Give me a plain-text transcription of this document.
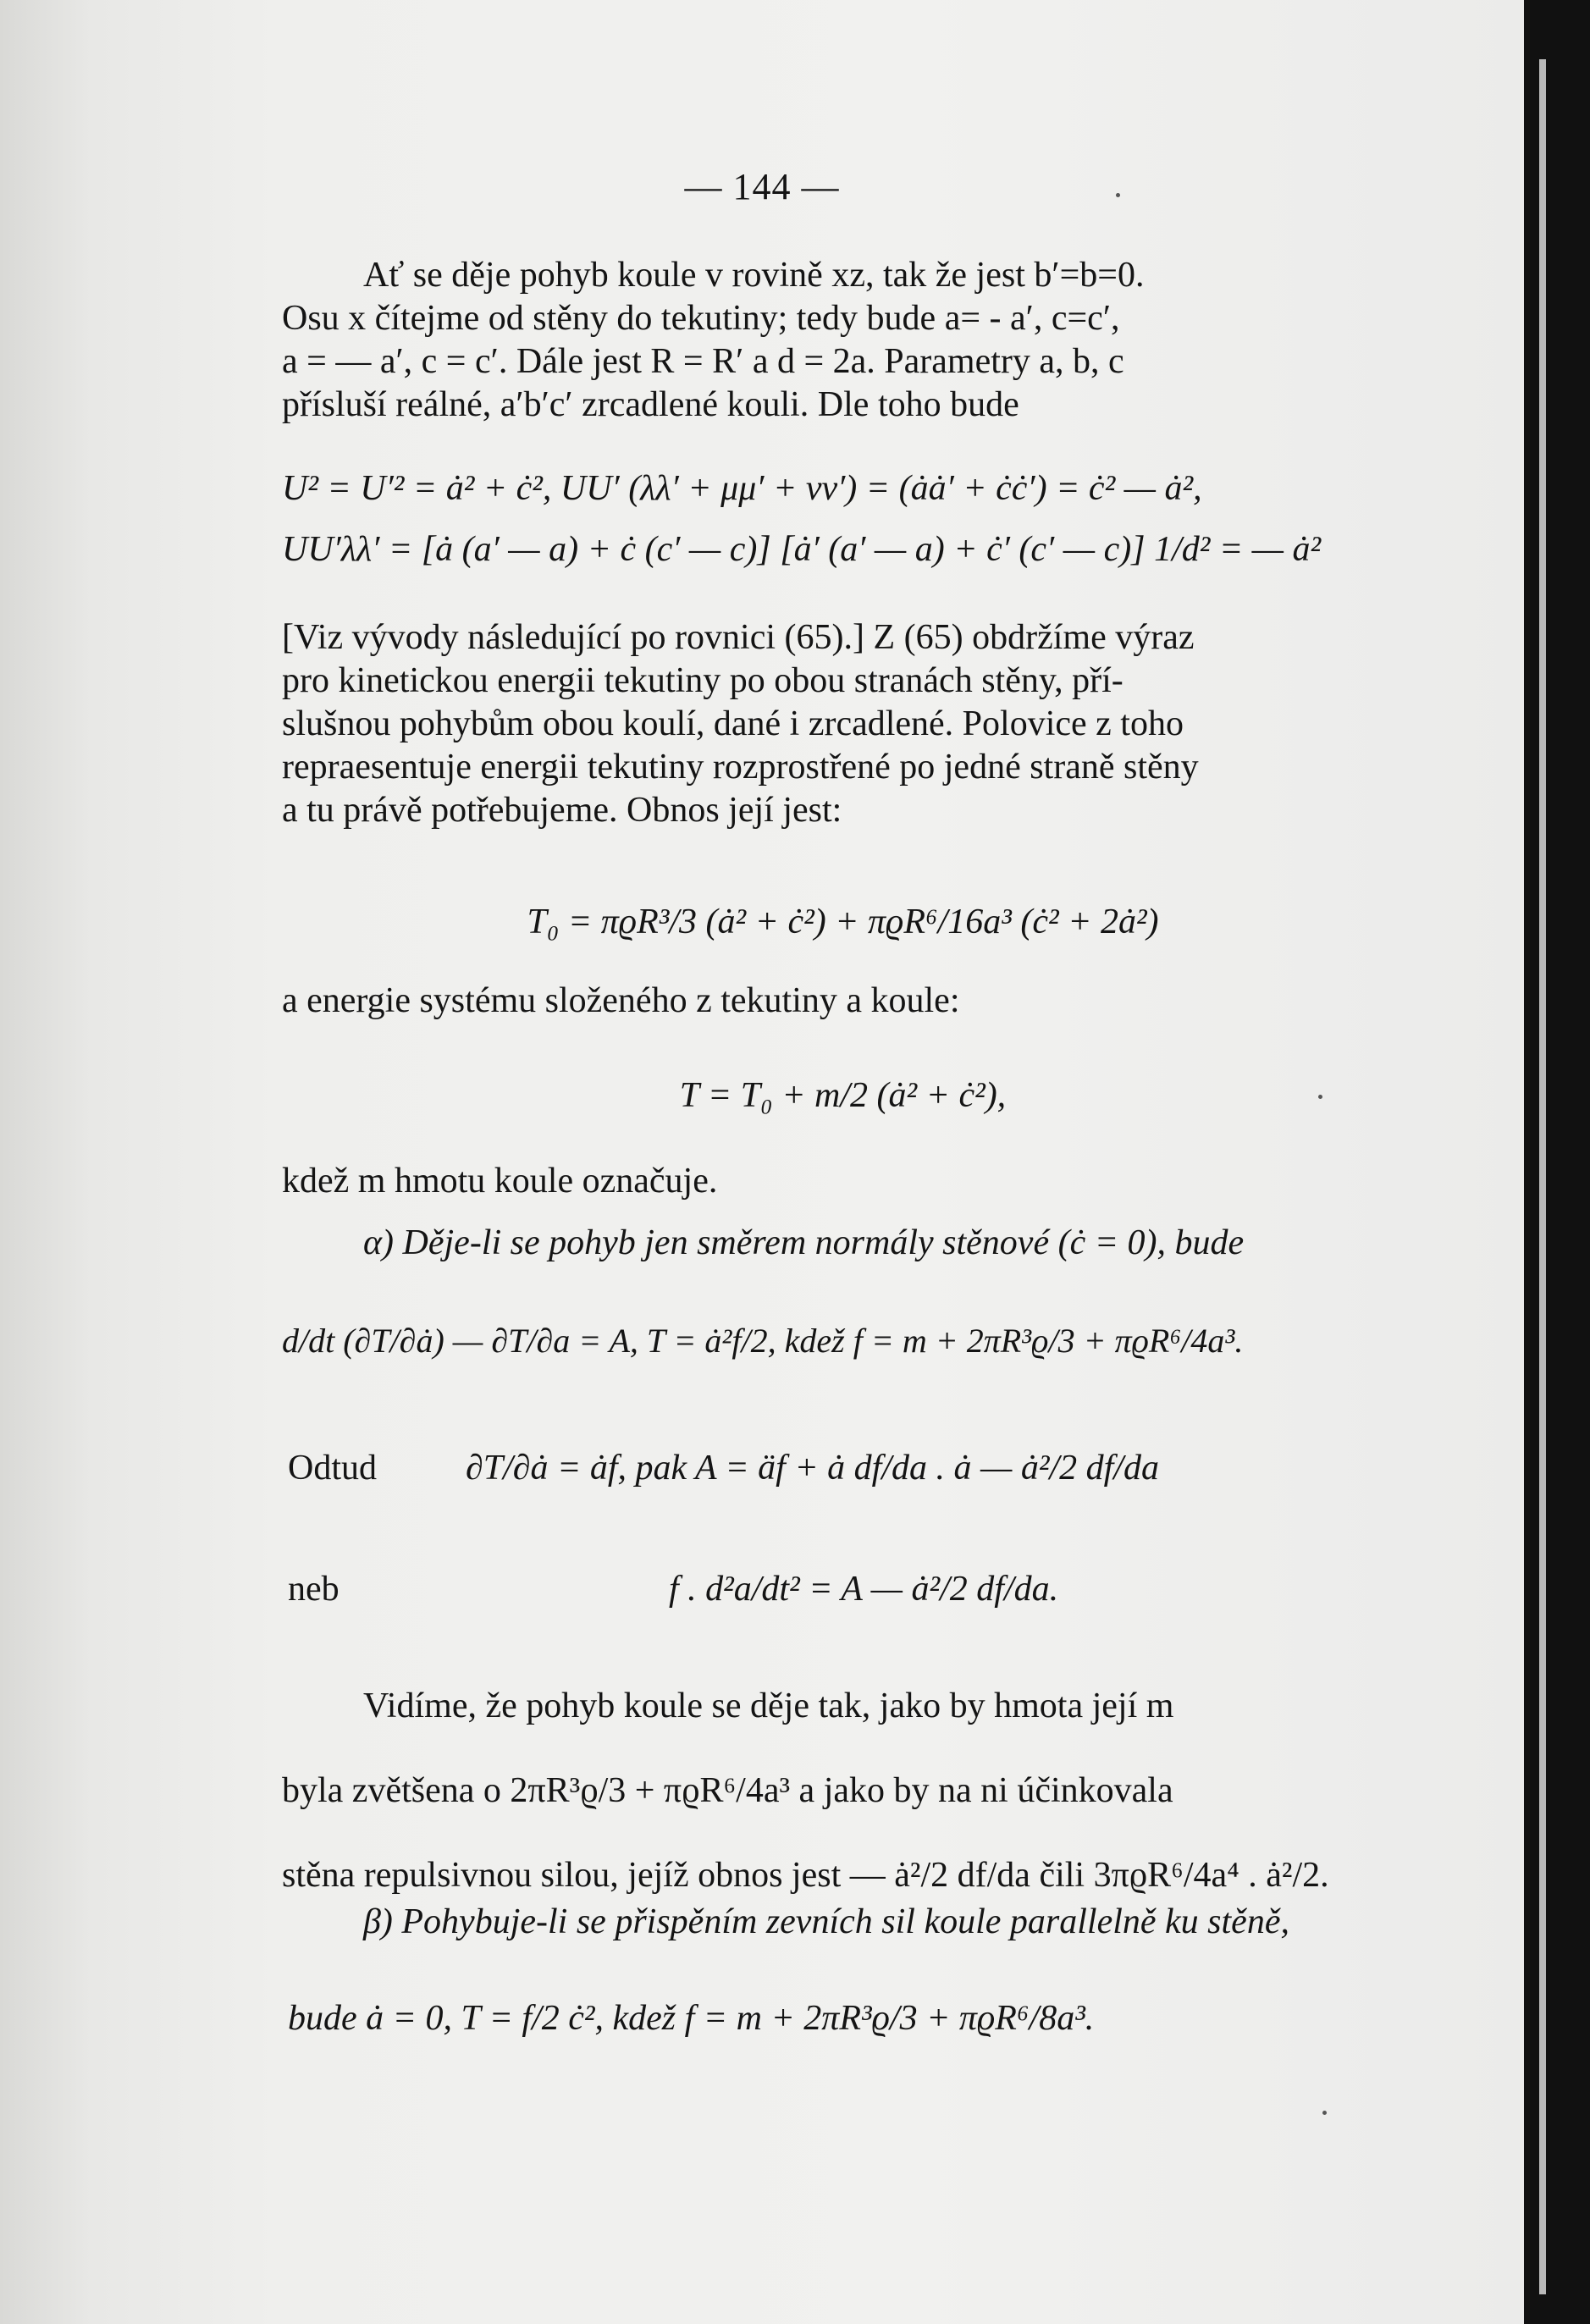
— 144 —
Ať se děje pohyb koule v rovině xz, tak že jest b′=b=0.
Osu x čítejme od stěny do tekutiny; tedy bude a= - a′, c=c′,
a = — a′, c = c′. Dále jest R = R′ a d = 2a. Parametry a, b, c
přísluší reálné, a′b′c′ zrcadlené kouli. Dle toho bude
U² = U′² = ȧ² + ċ², UU′ (λλ′ + μμ′ + νν′) = (ȧȧ′ + ċċ′) = ċ² — ȧ²,
UU′λλ′ = [ȧ (a′ — a) + ċ (c′ — c)] [ȧ′ (a′ — a) + ċ′ (c′ — c)] 1/d² = — ȧ²
[Viz vývody následující po rovnici (65).] Z (65) obdržíme výraz
pro kinetickou energii tekutiny po obou stranách stěny, pří-
slušnou pohybům obou koulí, dané i zrcadlené. Polovice z toho
repraesentuje energii tekutiny rozprostřené po jedné straně stěny
a tu právě potřebujeme. Obnos její jest:
T₀ = πϱR³/3 (ȧ² + ċ²) + πϱR⁶/16a³ (ċ² + 2ȧ²)
a energie systému složeného z tekutiny a koule:
T = T₀ + m/2 (ȧ² + ċ²),
kdež m hmotu koule označuje.
α) Děje-li se pohyb jen směrem normály stěnové (ċ = 0), bude
d/dt (∂T/∂ȧ) — ∂T/∂a = A, T = ȧ²f/2, kdež f = m + 2πR³ϱ/3 + πϱR⁶/4a³.
Odtud	∂T/∂ȧ = ȧf, pak A = äf + ȧ df/da . ȧ — ȧ²/2 df/da
neb	f . d²a/dt² = A — ȧ²/2 df/da.
Vidíme, že pohyb koule se děje tak, jako by hmota její m
byla zvětšena o 2πR³ϱ/3 + πϱR⁶/4a³ a jako by na ni účinkovala
stěna repulsivnou silou, jejíž obnos jest — ȧ²/2 df/da čili 3πϱR⁶/4a⁴ . ȧ²/2.
β) Pohybuje-li se přispěním zevních sil koule parallelně ku stěně,
bude ȧ = 0, T = f/2 ċ², kdež f = m + 2πR³ϱ/3 + πϱR⁶/8a³.
